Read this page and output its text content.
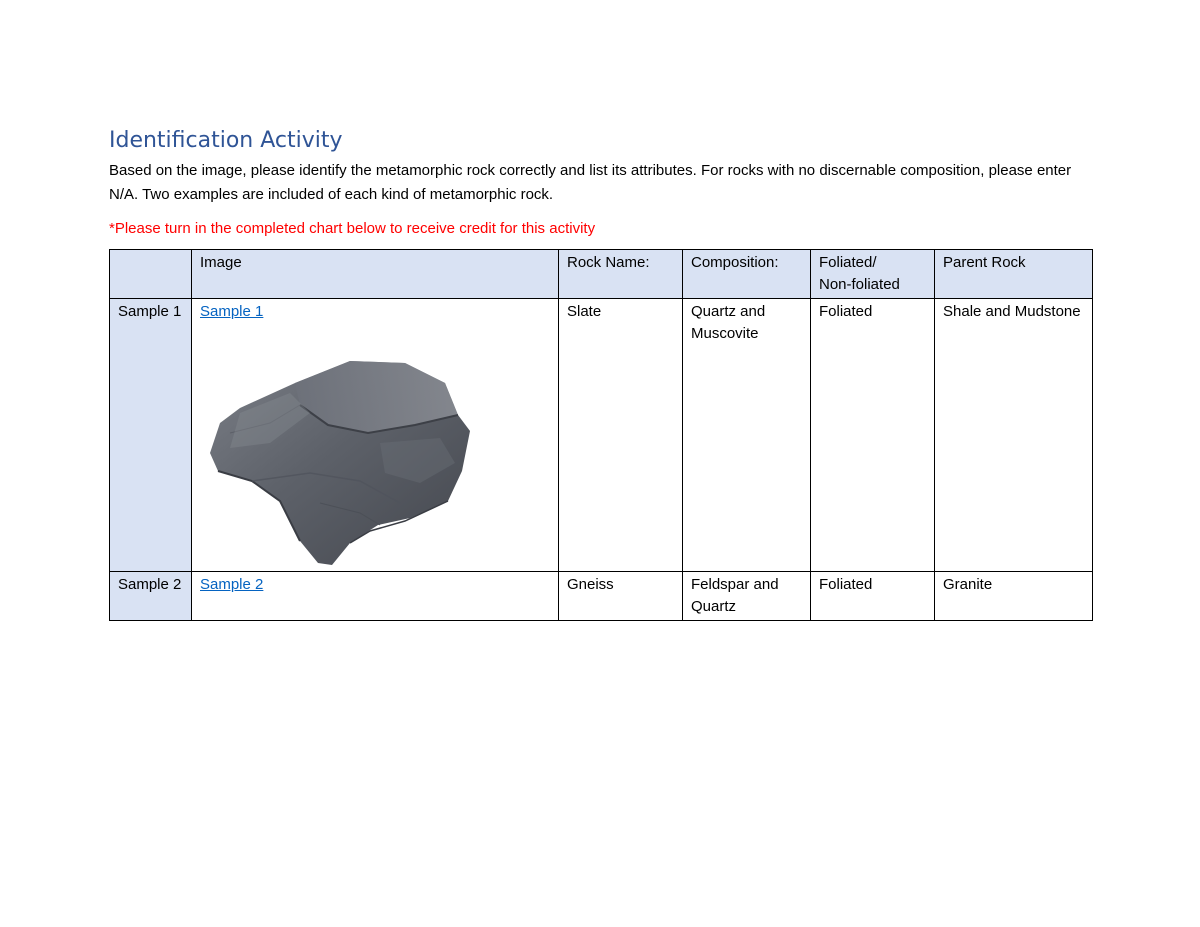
Identification Activity

Based on the image, please identify the metamorphic rock correctly and list its attributes. For rocks with no discernable composition, please enter N/A. Two examples are included of each kind of metamorphic rock.

*Please turn in the completed chart below to receive credit for this activity

	Image	Rock Name:	Composition:	Foliated/
Non-foliated	Parent Rock
Sample 1	Sample 1	Slate	Quartz and Muscovite	Foliated	Shale and Mudstone
Sample 2	Sample 2	Gneiss	Feldspar and Quartz	Foliated	Granite
